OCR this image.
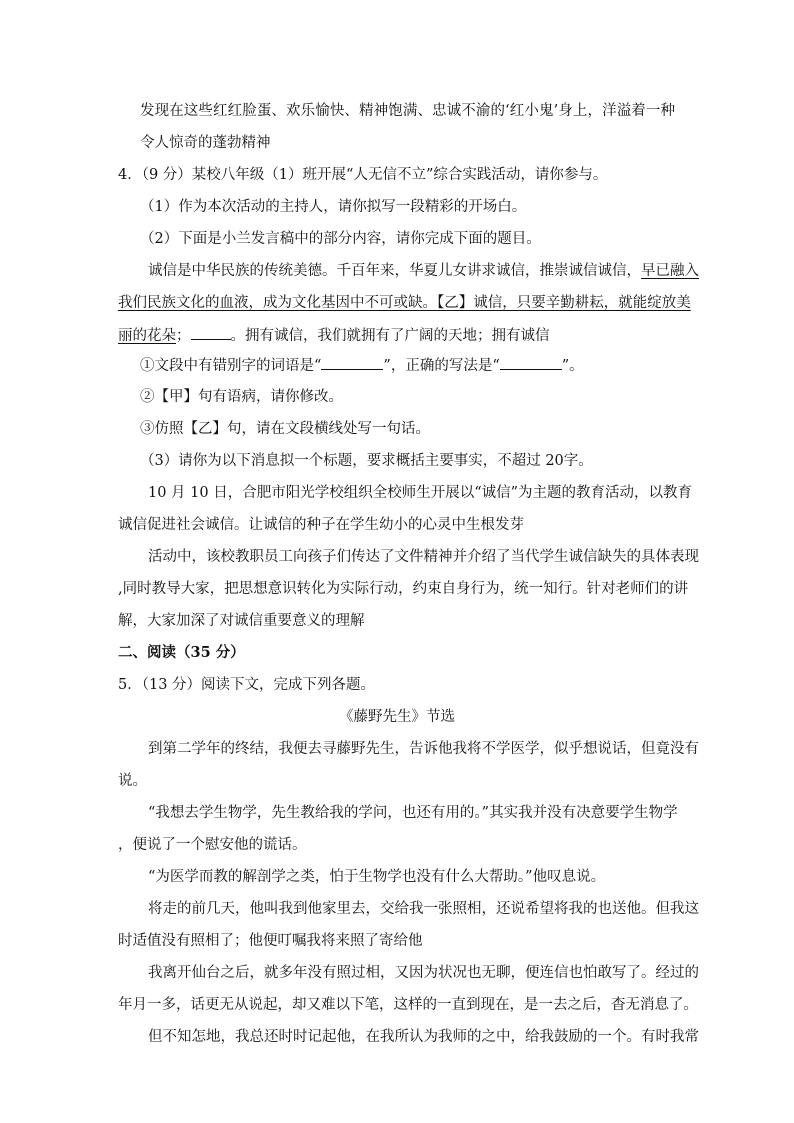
发现在这些红红脸蛋、欢乐愉快、精神饱满、忠诚不渝的‘红小鬼’身上，洋溢着一种
令人惊奇的蓬勃精神
4．（9 分）某校八年级（1）班开展“人无信不立”综合实践活动，请你参与。
（1）作为本次活动的主持人，请你拟写一段精彩的开场白。
（2）下面是小兰发言稿中的部分内容，请你完成下面的题目。
诚信是中华民族的传统美德。千百年来，华夏儿女讲求诚信，推崇诚信诚信，早已融入
我们民族文化的血液，成为文化基因中不可或缺。【乙】诚信，只要辛勤耕耘，就能绽放美
丽的花朵；	。拥有诚信，我们就拥有了广阔的天地；拥有诚信
①文段中有错别字的词语是“	”，正确的写法是“	”。
②【甲】句有语病，请你修改。
③仿照【乙】句，请在文段横线处写一句话。
（3）请你为以下消息拟一个标题，要求概括主要事实，不超过 20字。
10 月 10 日，合肥市阳光学校组织全校师生开展以“诚信”为主题的教育活动，以教育
诚信促进社会诚信。让诚信的种子在学生幼小的心灵中生根发芽
活动中，该校教职员工向孩子们传达了文件精神并介绍了当代学生诚信缺失的具体表现
,同时教导大家，把思想意识转化为实际行动，约束自身行为，统一知行。针对老师们的讲
解，大家加深了对诚信重要意义的理解
二、阅读（35 分）
5．（13 分）阅读下文，完成下列各题。
《藤野先生》节选
到第二学年的终结，我便去寻藤野先生，告诉他我将不学医学，似乎想说话，但竟没有
说。
“我想去学生物学，先生教给我的学问，也还有用的。”其实我并没有决意要学生物学
，便说了一个慰安他的谎话。
“为医学而教的解剖学之类，怕于生物学也没有什么大帮助。”他叹息说。
将走的前几天，他叫我到他家里去，交给我一张照相，还说希望将我的也送他。但我这
时适值没有照相了；他便叮嘱我将来照了寄给他
我离开仙台之后，就多年没有照过相，又因为状况也无聊，便连信也怕敢写了。经过的
年月一多，话更无从说起，却又难以下笔，这样的一直到现在，是一去之后，杳无消息了。
但不知怎地，我总还时时记起他，在我所认为我师的之中，给我鼓励的一个。有时我常
